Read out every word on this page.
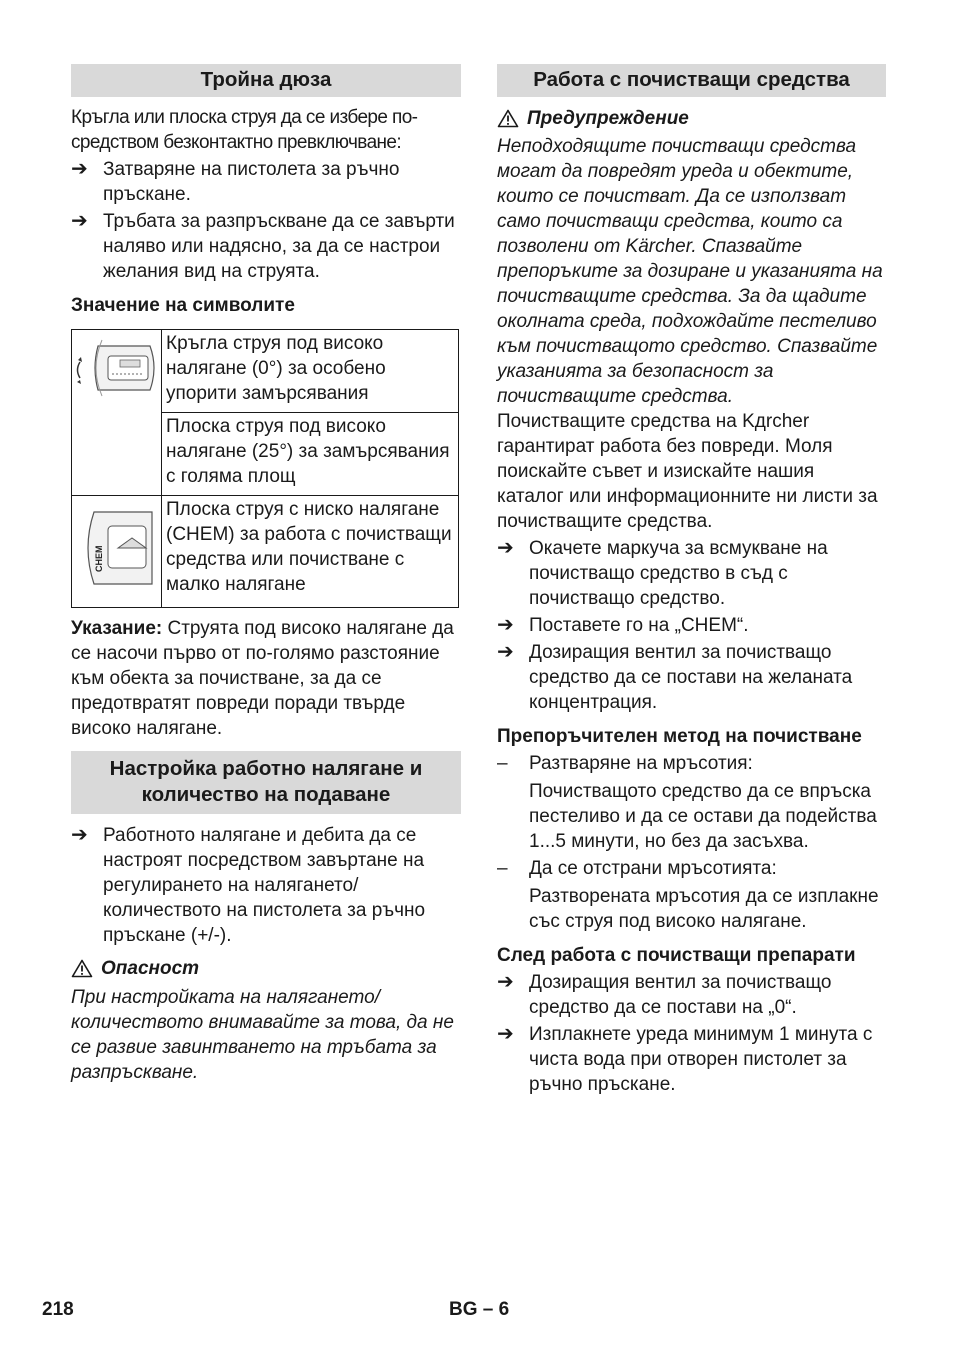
Тройна дюза

Кръгла или плоска струя да се избере по-средством безконтактно превключване:

➔ Затваряне на пистолета за ръчно пръскане.
➔ Тръбата за разпръскване да се завърти наляво или надясно, за да се настрои желания вид на струята.

Значение на символите

	Кръгла струя под високо налягане (0°) за особено упорити замърсявания
	Плоска струя под високо налягане (25°) за замърсявания с голяма площ

CHEM	Плоска струя с ниско налягане (CHEM) за работа с почистващи средства или почистване с малко налягане

Указание: Струята под високо налягане да се насочи първо от по-голямо разстояние към обекта за почистване, за да се предотвратят повреди поради твърде високо налягане.

Настройка работно налягане и количество на подаване
➔ Работното налягане и дебита да се настроят посредством завъртане на регулирането на налягането/количеството на пистолета за ръчно пръскане (+/-).
Опасност

При настройката на налягането/количеството внимавайте за това, да не се развие завинтването на тръбата за разпръскване.

Работа с почистващи средства
Предупреждение

Неподходящите почистващи средства могат да повредят уреда и обектите, които се почистват. Да се използват само почистващи средства, които са позволени от Kärcher. Спазвайте препоръките за дозиране и указанията на почистващите средства. За да щадите околната среда, подхождайте пестеливо към почистващото средство. Спазвайте указанията за безопасност за почистващите средства.

Почистващите средства на Kдrcher гарантират работа без повреди. Моля поискайте съвет и изискайте нашия каталог или информационните ни листи за почистващите средства.

➔ Окачете маркуча за всмукване на почистващо средство в съд с почистващо средство.
➔ Поставете го на „CHEM“.
➔ Дозиращия вентил за почистващо средство да се постави на желаната концентрация.

Препоръчителен метод на почистване

–	Разтваряне на мръсотия:

Почистващото средство да се впръска пестеливо и да се остави да подейства 1...5 минути, но без да засъхва.

–	Да се отстрани мръсотията:

Разтворената мръсотия да се изплакне със струя под високо налягане.

След работа с почистващи препарати

➔ Дозиращия вентил за почистващо средство да се постави на „0“.
➔ Изплакнете уреда минимум 1 минута с чиста вода при отворен пистолет за ръчно пръскане.
218	BG – 6
